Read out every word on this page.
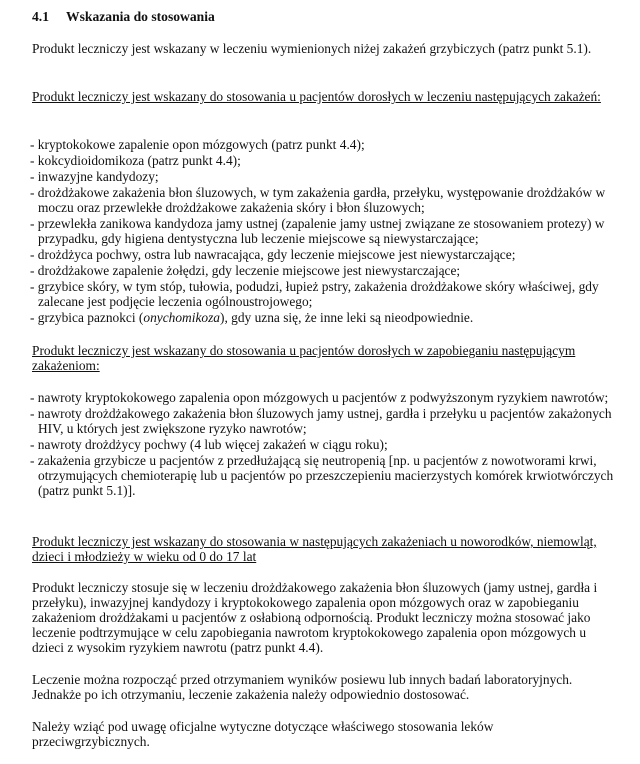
4.1 Wskazania do stosowania
Produkt leczniczy jest wskazany w leczeniu wymienionych niżej zakażeń grzybiczych (patrz punkt 5.1).
Produkt leczniczy jest wskazany do stosowania u pacjentów dorosłych w leczeniu następujących zakażeń:
- kryptokokowe zapalenie opon mózgowych (patrz punkt 4.4);
- kokcydioidomikoza (patrz punkt 4.4);
- inwazyjne kandydozy;
- drożdżakowe zakażenia błon śluzowych, w tym zakażenia gardła, przełyku, występowanie drożdżaków w moczu oraz przewlekłe drożdżakowe zakażenia skóry i błon śluzowych;
- przewlekła zanikowa kandydoza jamy ustnej (zapalenie jamy ustnej związane ze stosowaniem protezy) w przypadku, gdy higiena dentystyczna lub leczenie miejscowe są niewystarczające;
- drożdżyca pochwy, ostra lub nawracająca, gdy leczenie miejscowe jest niewystarczające;
- drożdżakowe zapalenie żołędzi, gdy leczenie miejscowe jest niewystarczające;
- grzybice skóry, w tym stóp, tułowia, podudzi, łupież pstry, zakażenia drożdżakowe skóry właściwej, gdy zalecane jest podjęcie leczenia ogólnoustrojowego;
- grzybica paznokci (onychomikoza), gdy uzna się, że inne leki są nieodpowiednie.
Produkt leczniczy jest wskazany do stosowania u pacjentów dorosłych w zapobieganiu następującym zakażeniom:
- nawroty kryptokokowego zapalenia opon mózgowych u pacjentów z podwyższonym ryzykiem nawrotów;
- nawroty drożdżakowego zakażenia błon śluzowych jamy ustnej, gardła i przełyku u pacjentów zakażonych HIV, u których jest zwiększone ryzyko nawrotów;
- nawroty drożdżycy pochwy (4 lub więcej zakażeń w ciągu roku);
- zakażenia grzybicze u pacjentów z przedłużającą się neutropenią [np. u pacjentów z nowotworami krwi, otrzymujących chemioterapię lub u pacjentów po przeszczepieniu macierzystych komórek krwiotwórczych (patrz punkt 5.1)].
Produkt leczniczy jest wskazany do stosowania w następujących zakażeniach u noworodków, niemowląt, dzieci i młodzieży w wieku od 0 do 17 lat
Produkt leczniczy stosuje się w leczeniu drożdżakowego zakażenia błon śluzowych (jamy ustnej, gardła i przełyku), inwazyjnej kandydozy i kryptokokowego zapalenia opon mózgowych oraz w zapobieganiu zakażeniom drożdżakami u pacjentów z osłabioną odpornością. Produkt leczniczy można stosować jako leczenie podtrzymujące w celu zapobiegania nawrotom kryptokokowego zapalenia opon mózgowych u dzieci z wysokim ryzykiem nawrotu (patrz punkt 4.4).
Leczenie można rozpocząć przed otrzymaniem wyników posiewu lub innych badań laboratoryjnych. Jednakże po ich otrzymaniu, leczenie zakażenia należy odpowiednio dostosować.
Należy wziąć pod uwagę oficjalne wytyczne dotyczące właściwego stosowania leków przeciwgrzybicznych.
